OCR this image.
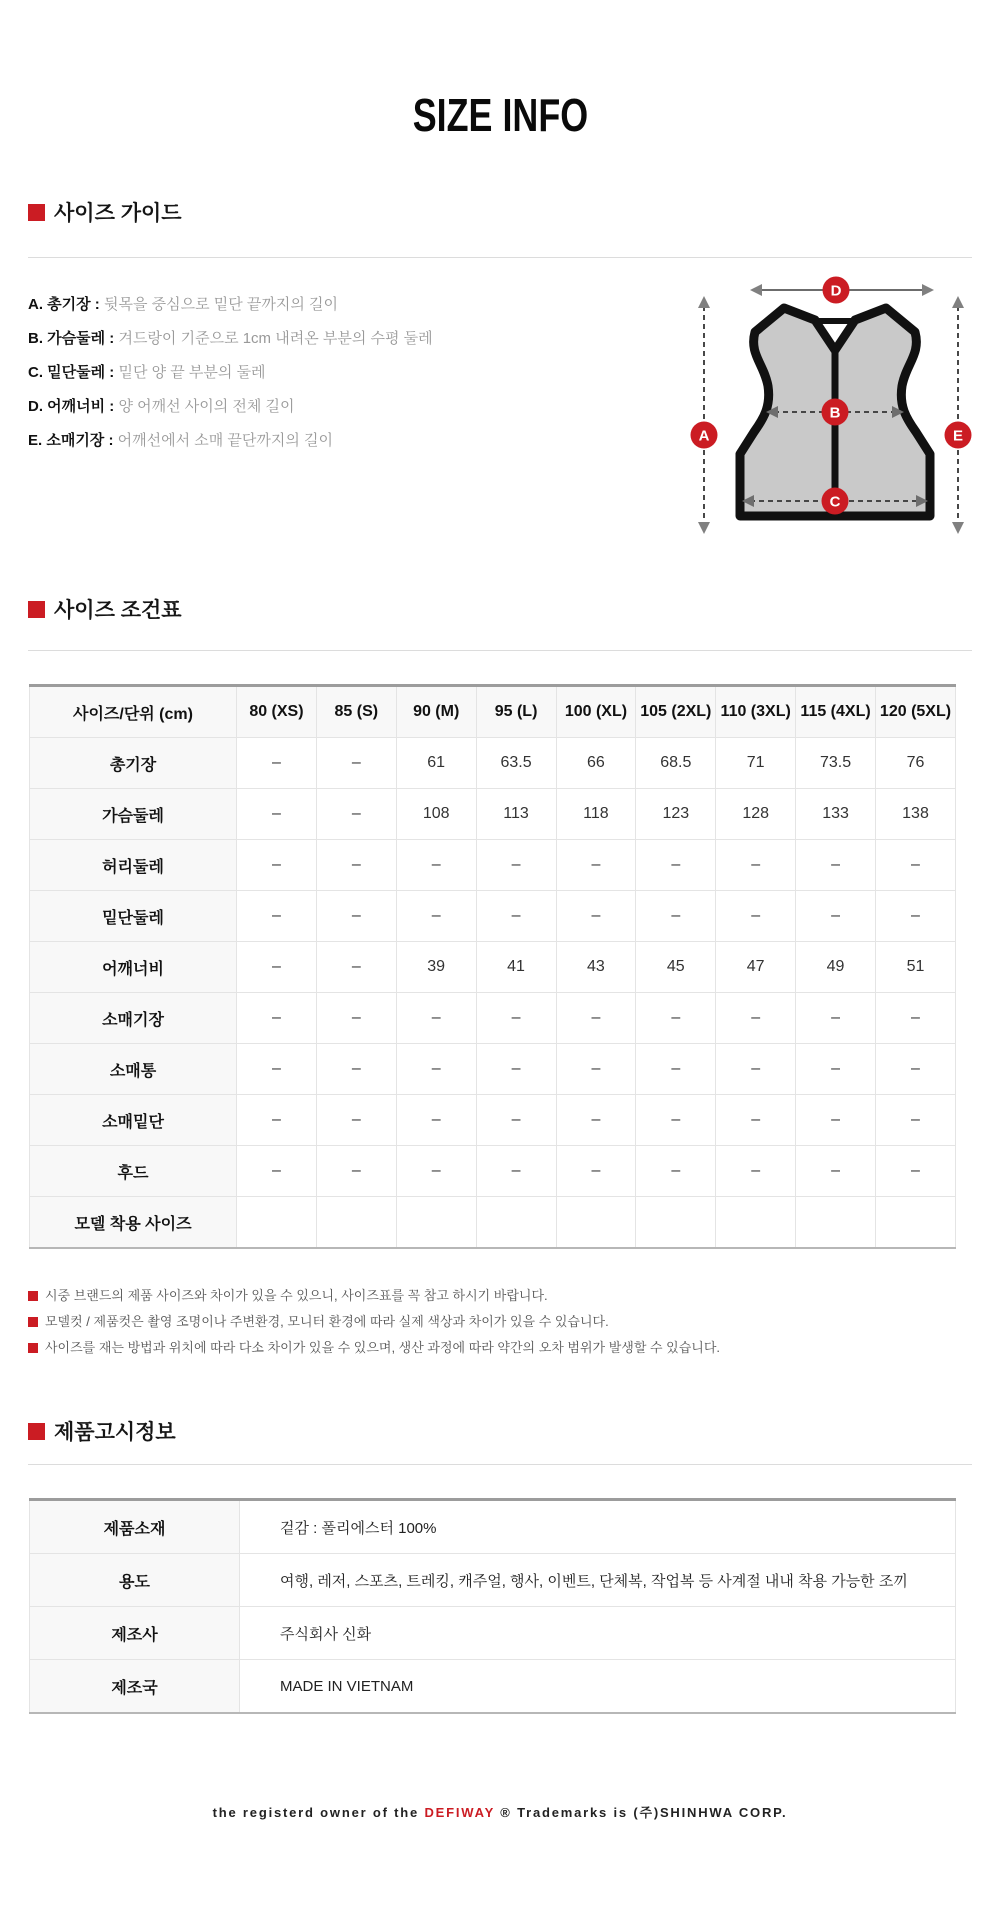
SIZE INFO
사이즈 가이드
A. 총기장 : 뒷목을 중심으로 밑단 끝까지의 길이
B. 가슴둘레 : 겨드랑이 기준으로 1cm 내려온 부분의 수평 둘레
C. 밑단둘레 : 밑단 양 끝 부분의 둘레
D. 어깨너비 : 양 어깨선 사이의 전체 길이
E. 소매기장 : 어깨선에서 소매 끝단까지의 길이
D
A	E
B
C
사이즈 조건표
사이즈/단위 (cm)	80 (XS)	85 (S)	90 (M)	95 (L)	100 (XL)	105 (2XL)	110 (3XL)	115 (4XL)	120 (5XL)
총기장	–	–	61	63.5	66	68.5	71	73.5	76
가슴둘레	–	–	108	113	118	123	128	133	138
허리둘레	–	–	–	–	–	–	–	–	–
밑단둘레	–	–	–	–	–	–	–	–	–
어깨너비	–	–	39	41	43	45	47	49	51
소매기장	–	–	–	–	–	–	–	–	–
소매통	–	–	–	–	–	–	–	–	–
소매밑단	–	–	–	–	–	–	–	–	–
후드	–	–	–	–	–	–	–	–	–
모델 착용 사이즈									
시중 브랜드의 제품 사이즈와 차이가 있을 수 있으니, 사이즈표를 꼭 참고 하시기 바랍니다.
모델컷 / 제품컷은 촬영 조명이나 주변환경, 모니터 환경에 따라 실제 색상과 차이가 있을 수 있습니다.
사이즈를 재는 방법과 위치에 따라 다소 차이가 있을 수 있으며, 생산 과정에 따라 약간의 오차 범위가 발생할 수 있습니다.
제품고시정보
제품소재	겉감 : 폴리에스터 100%
용도	여행, 레저, 스포츠, 트레킹, 캐주얼, 행사, 이벤트, 단체복, 작업복 등 사계절 내내 착용 가능한 조끼
제조사	주식회사 신화
제조국	MADE IN VIETNAM
the registerd owner of the DEFIWAY ® Trademarks is (주)SHINHWA CORP.
